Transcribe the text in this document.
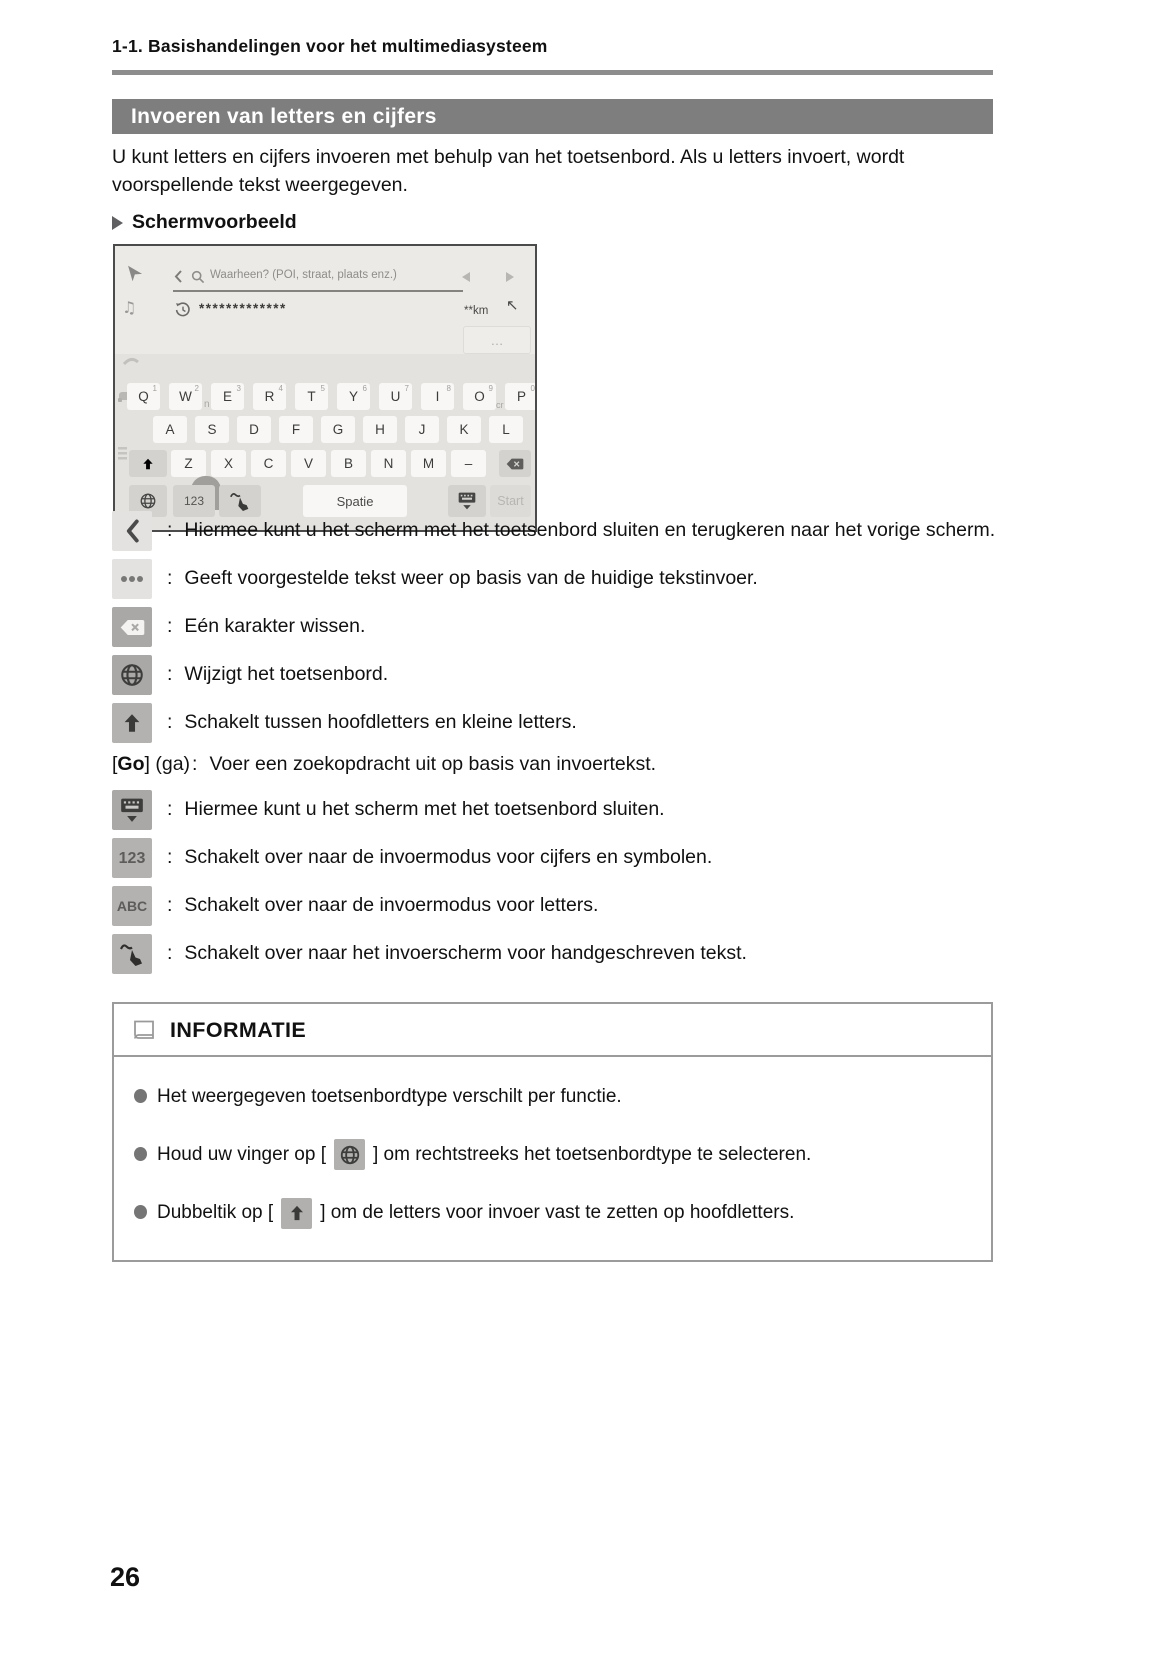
1-1. Basishandelingen voor het multimediasysteem
Invoeren van letters en cijfers
U kunt letters en cijfers invoeren met behulp van het toetsenbord. Als u letters invoert, wordt voorspellende tekst weergegeven.
Schermvoorbeeld
♫
Waarheen? (POI, straat, plaats enz.)
*************	**km ↖
…
Q
1
W
2
E
3
R
4
T
5
Y
6
U
7
I
8
O
9
P
0
n	cr
A S D F G H	J	K L
Z X C V B N M –
123	Spatie	Start
: Hiermee kunt u het scherm met het toetsenbord sluiten en terugkeren naar het vorige scherm.
: Geeft voorgestelde tekst weer op basis van de huidige tekstinvoer.
: Eén karakter wissen.
: Wijzigt het toetsenbord.
: Schakelt tussen hoofdletters en kleine letters.
[Go] (ga) : Voer een zoekopdracht uit op basis van invoertekst.
: Hiermee kunt u het scherm met het toetsenbord sluiten.
123 : Schakelt over naar de invoermodus voor cijfers en symbolen.
ABC : Schakelt over naar de invoermodus voor letters.
: Schakelt over naar het invoerscherm voor handgeschreven tekst.
INFORMATIE
Het weergegeven toetsenbordtype verschilt per functie.
Houd uw vinger op [ ] om rechtstreeks het toetsenbordtype te selecteren.
Dubbeltik op [ ] om de letters voor invoer vast te zetten op hoofdletters.
26
